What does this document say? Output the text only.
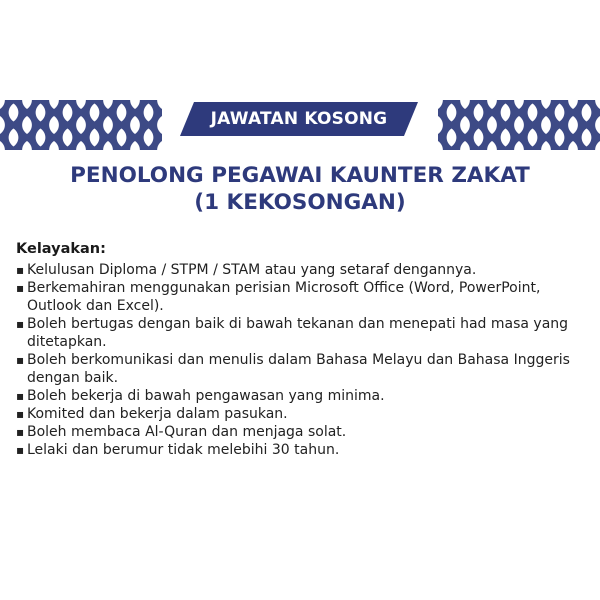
JAWATAN KOSONG
PENOLONG PEGAWAI KAUNTER ZAKAT
(1 KEKOSONGAN)
Kelayakan:
▪ Kelulusan Diploma / STPM / STAM atau yang setaraf dengannya.
▪ Berkemahiran menggunakan perisian Microsoft Office (Word, PowerPoint, Outlook dan Excel).
▪ Boleh bertugas dengan baik di bawah tekanan dan menepati had masa yang ditetapkan.
▪ Boleh berkomunikasi dan menulis dalam Bahasa Melayu dan Bahasa Inggeris dengan baik.
▪ Boleh bekerja di bawah pengawasan yang minima.
▪ Komited dan bekerja dalam pasukan.
▪ Boleh membaca Al-Quran dan menjaga solat.
▪ Lelaki dan berumur tidak melebihi 30 tahun.
